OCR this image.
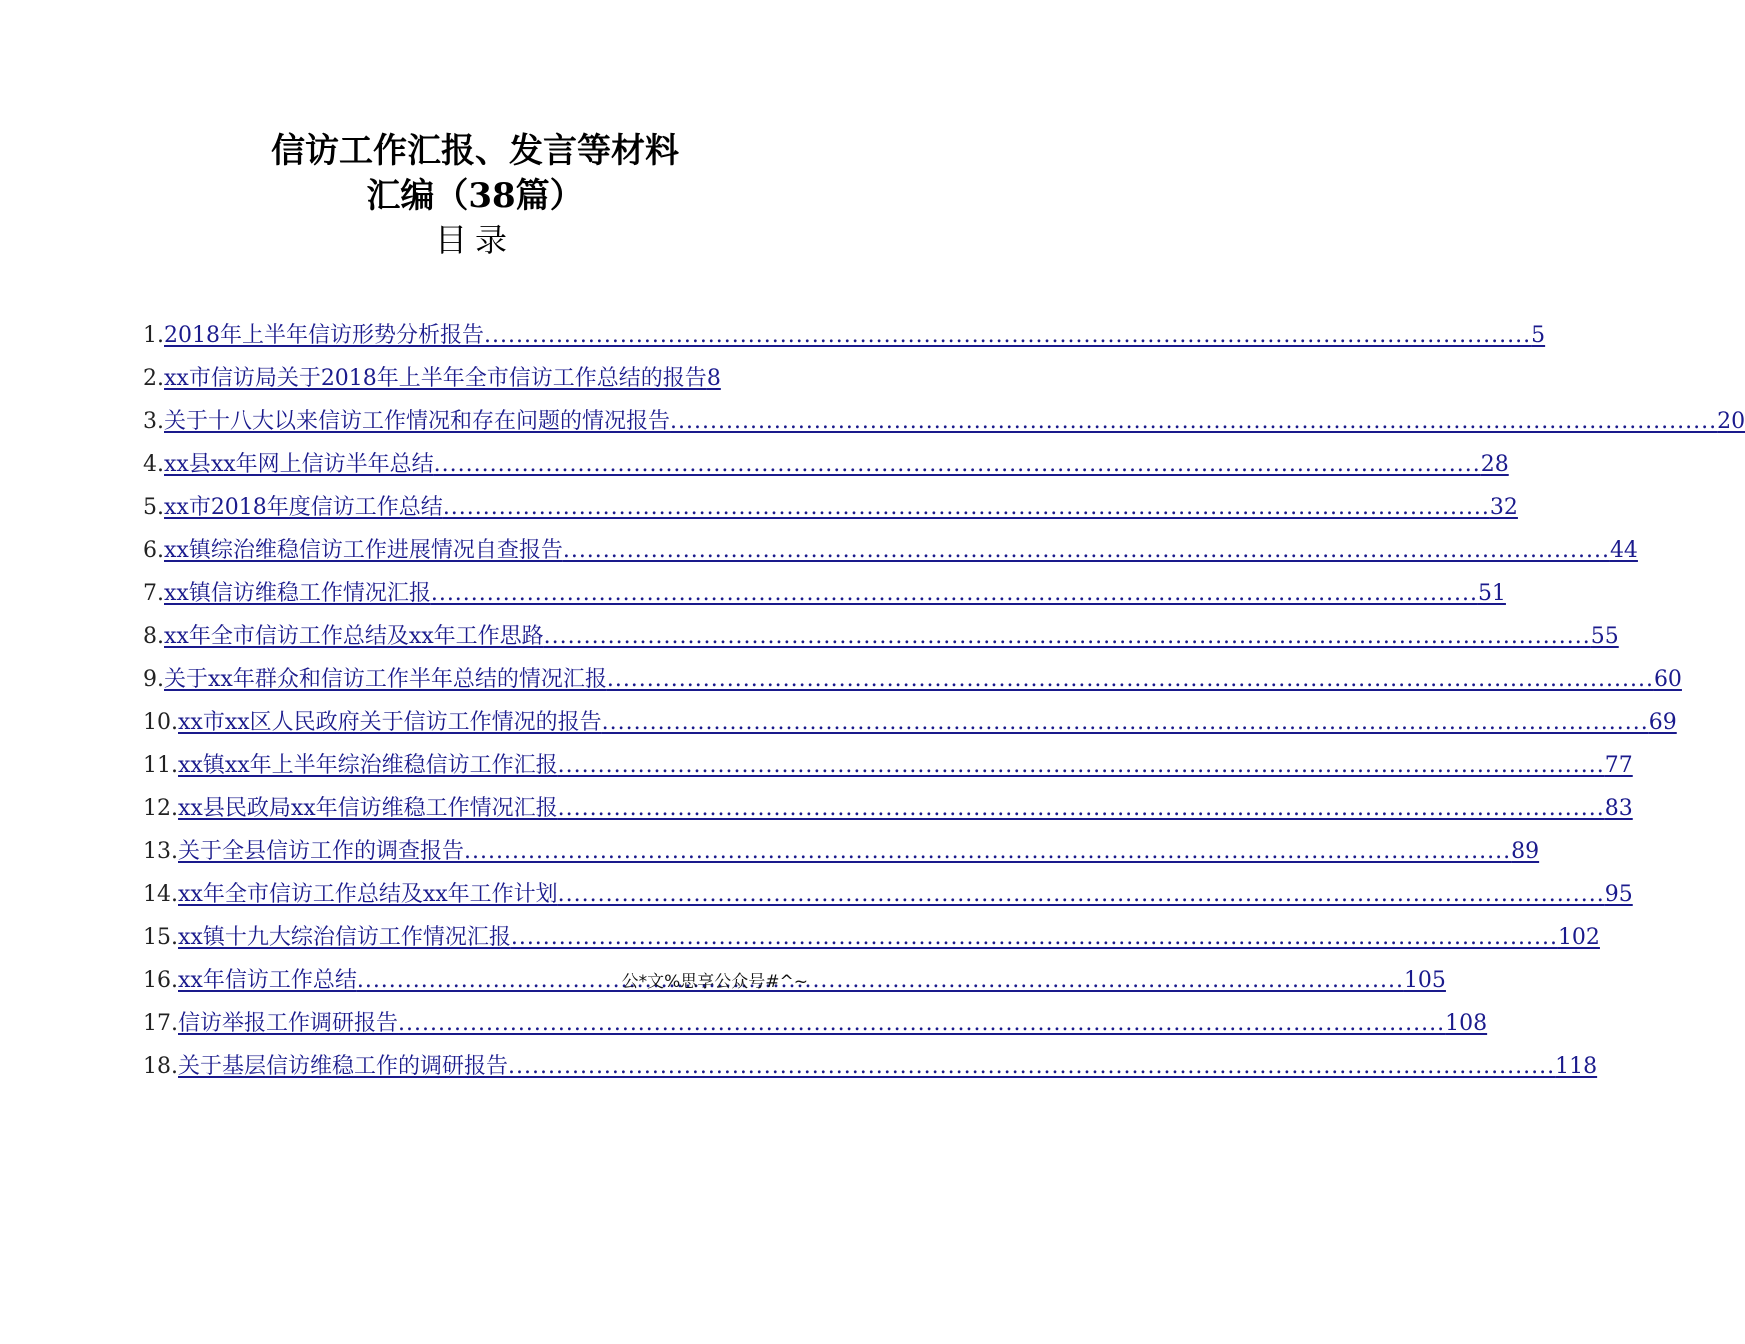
信访工作汇报、发言等材料
汇编（38篇）
目录
1. 2018年上半年信访形势分析报告 .....	5
2. xx市信访局关于2018年上半年全市信访工作总结的报告 8
3. 关于十八大以来信访工作情况和存在问题的情况报告 .....	20
4. xx县xx年网上信访半年总结 .....	28
5. xx市2018年度信访工作总结 .....	32
6. xx镇综治维稳信访工作进展情况自查报告 .....	44
7. xx镇信访维稳工作情况汇报 .....	51
8. xx年全市信访工作总结及xx年工作思路 .....	55
9. 关于xx年群众和信访工作半年总结的情况汇报 .....	60
10. xx市xx区人民政府关于信访工作情况的报告 .....	69
11. xx镇xx年上半年综治维稳信访工作汇报 .....	77
12. xx县民政局xx年信访维稳工作情况汇报 .....	83
13. 关于全县信访工作的调查报告 .....	89
14. xx年全市信访工作总结及xx年工作计划 .....	95
15. xx镇十九大综治信访工作情况汇报 .....	102
16. xx年信访工作总结 .....	105
公*文%思享公众号#^~
17. 信访举报工作调研报告 .....	108
18. 关于基层信访维稳工作的调研报告 .....	118
